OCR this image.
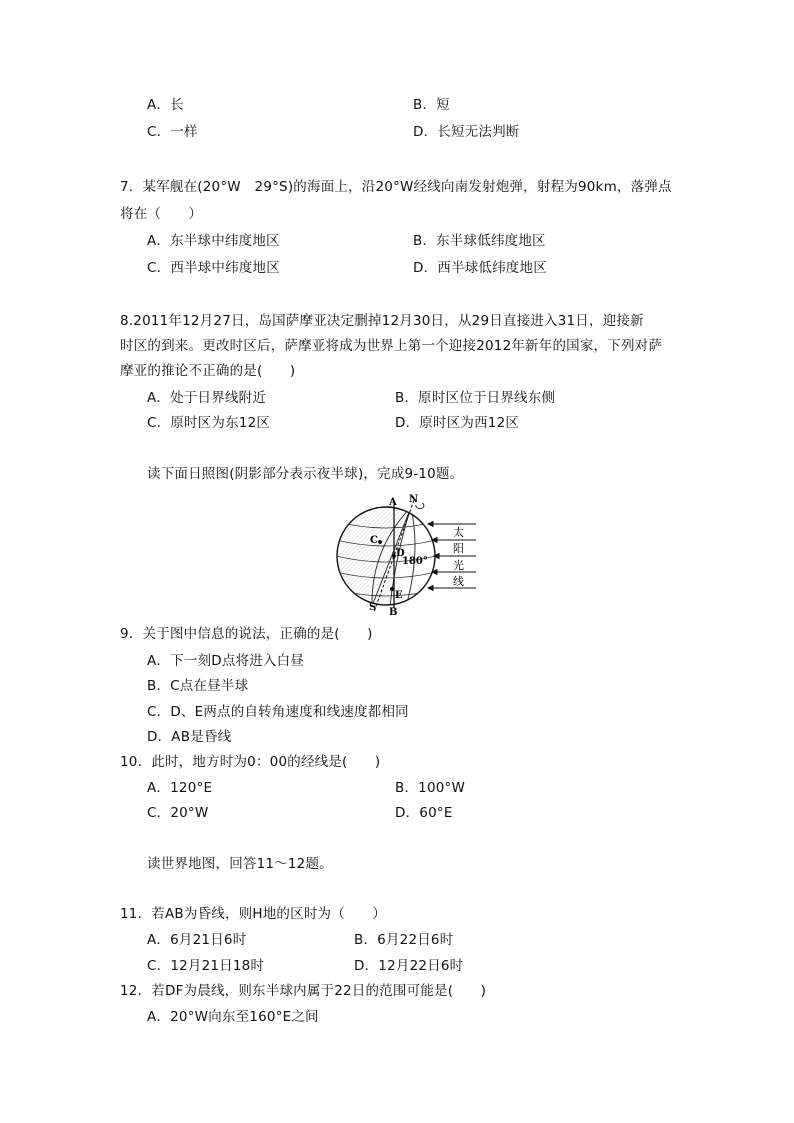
A．长	B．短
C．一样	D．长短无法判断
7．某军舰在(20°W　29°S)的海面上，沿20°W经线向南发射炮弹，射程为90km，落弹点
将在（　　）
A．东半球中纬度地区	B．东半球低纬度地区
C．西半球中纬度地区	D．西半球低纬度地区
8.2011年12月27日，岛国萨摩亚决定删掉12月30日，从29日直接进入31日，迎接新
时区的到来。更改时区后，萨摩亚将成为世界上第一个迎接2012年新年的国家，下列对萨
摩亚的推论不正确的是(　　)
A．处于日界线附近	B．原时区位于日界线东侧
C．原时区为东12区	D．原时区为西12区
读下面日照图(阴影部分表示夜半球)，完成9-10题。
A N
C
D
180°
E
S B
太
阳
光
线
9．关于图中信息的说法，正确的是(　　)
A．下一刻D点将进入白昼
B．C点在昼半球
C．D、E两点的自转角速度和线速度都相同
D．AB是昏线
10．此时，地方时为0：00的经线是(　　)
A．120°E	B．100°W
C．20°W	D．60°E
读世界地图，回答11～12题。
11．若AB为昏线，则H地的区时为（　　）
A．6月21日6时	B．6月22日6时
C．12月21日18时	D．12月22日6时
12．若DF为晨线，则东半球内属于22日的范围可能是(　　)
A．20°W向东至160°E之间
